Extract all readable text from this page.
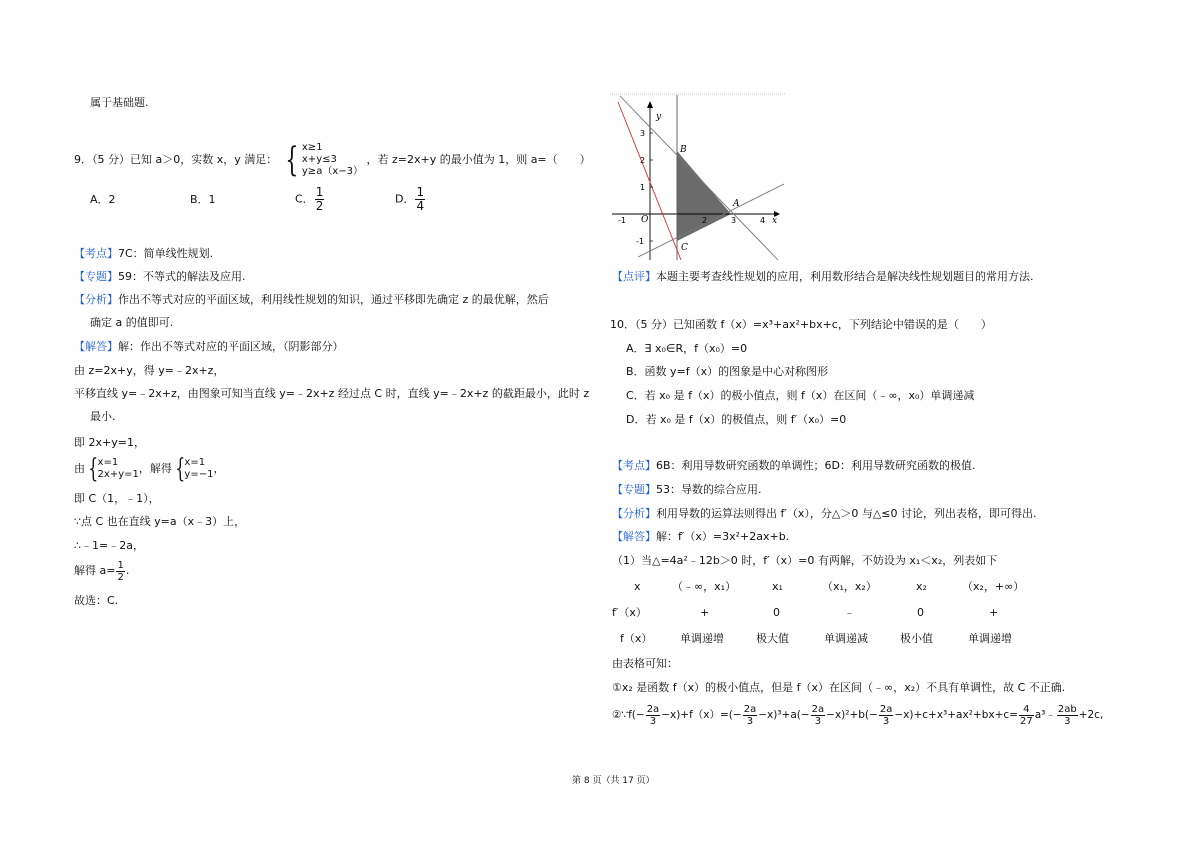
属于基础题.
9．（5 分）已知 a＞0，实数 x，y 满足： { x≥1
x+y≤3
y≥a（x−3）
，若 z=2x+y 的最小值为 1，则 a=（　　）
A．2	B．1	C． $\frac{1}{2}$	D． $\frac{1}{4}$
【考点】7C：简单线性规划.
【专题】59：不等式的解法及应用.
【分析】作出不等式对应的平面区域，利用线性规划的知识，通过平移即先确定 z 的最优解，然后
确定 a 的值即可.
【解答】解：作出不等式对应的平面区域，（阴影部分）
由 z=2x+y，得 y=﹣2x+z，
平移直线 y=﹣2x+z，由图象可知当直线 y=﹣2x+z 经过点 C 时，直线 y=﹣2x+z 的截距最小，此时 z
最小.
即 2x+y=1，
由 { x=1
2x+y=1 ，解得 { x=1
y=−1 ，
即 C（1，﹣1），
∵点 C 也在直线 y=a（x﹣3）上，
∴﹣1=﹣2a，
解得 $a= \frac{1}{2}$ .
故选：C.
3
2
1
-1
-1	2	3	4
y
x
O
B
A
C
【点评】本题主要考查线性规划的应用，利用数形结合是解决线性规划题目的常用方法.
10．（5 分）已知函数 f（x）=x³+ax²+bx+c，下列结论中错误的是（　　）
A．∃ x₀∈R，f（x₀）=0
B．函数 y=f（x）的图象是中心对称图形
C．若 x₀ 是 f（x）的极小值点，则 f（x）在区间（﹣∞，x₀）单调递减
D．若 x₀ 是 f（x）的极值点，则 f′（x₀）=0
【考点】6B：利用导数研究函数的单调性；6D：利用导数研究函数的极值.
【专题】53：导数的综合应用.
【分析】利用导数的运算法则得出 f′（x），分△＞0 与△≤0 讨论，列出表格，即可得出.
【解答】解：f′（x）=3x²+2ax+b.
（1）当△=4a²﹣12b＞0 时，f′（x）=0 有两解，不妨设为 x₁＜x₂，列表如下
x	（﹣∞，x₁）	x₁	（x₁，x₂）	x₂	（x₂，+∞）
f′（x）	+	0	﹣	0	+
f（x）	单调递增	极大值	单调递减	极小值	单调递增
由表格可知：
①x₂ 是函数 f（x）的极小值点，但是 f（x）在区间（﹣∞，x₂）不具有单调性，故 C 不正确.
②∵f(− $\frac{2a}{3} -x)+f(x)=(- \frac{2a}{3} -x)^3+a(- \frac{2a}{3} -x)^2+b(- \frac{2a}{3} -x)+c+x^3+ax^2+bx+c= \frac{4}{27}$ a³﹣ $\frac{2ab}{3} +2c$,
第 8 页（共 17 页）
